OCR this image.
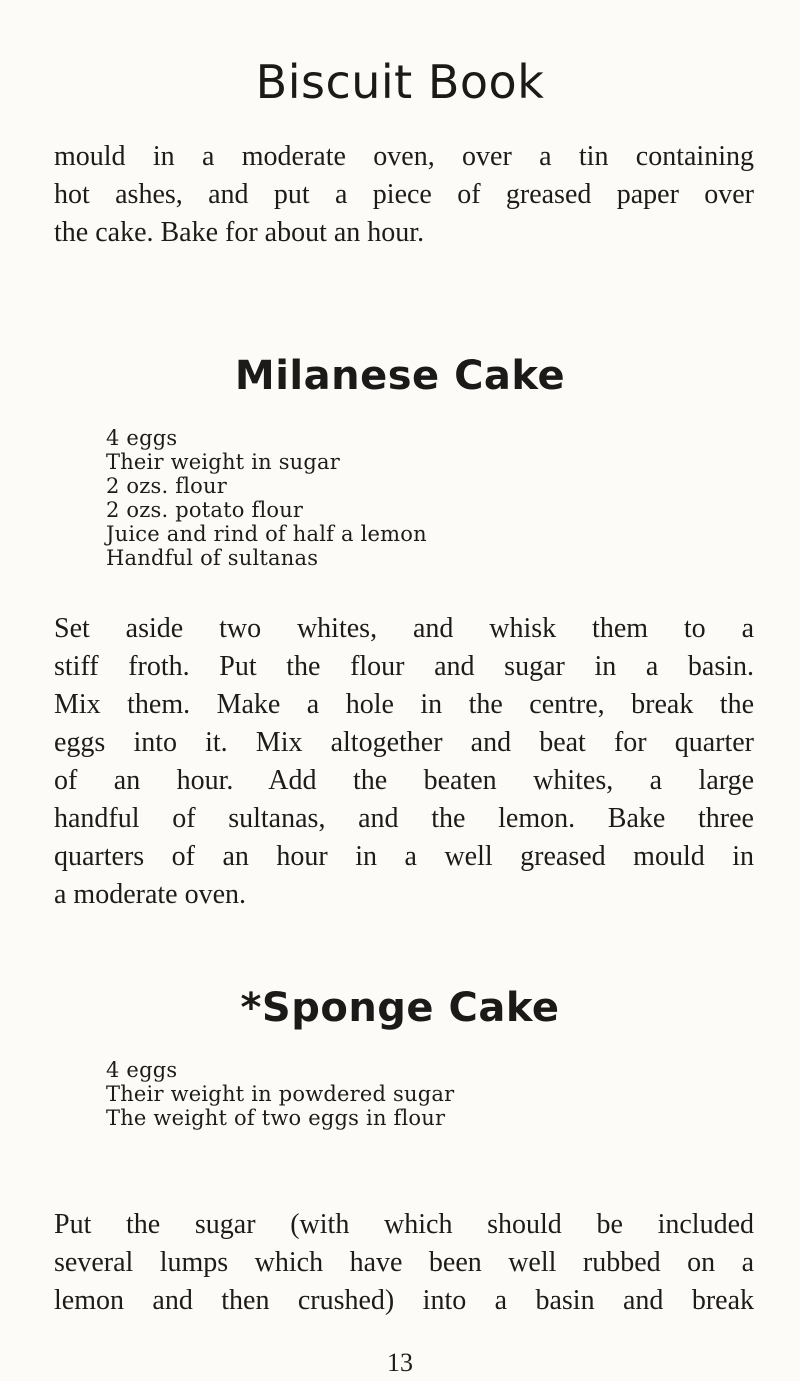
Biscuit Book
mould in a moderate oven, over a tin containing
hot ashes, and put a piece of greased paper over
the cake. Bake for about an hour.
Milanese Cake
4 eggs
Their weight in sugar
2 ozs. flour
2 ozs. potato flour
Juice and rind of half a lemon
Handful of sultanas
Set aside two whites, and whisk them to a
stiff froth. Put the flour and sugar in a basin.
Mix them. Make a hole in the centre, break the
eggs into it. Mix altogether and beat for quarter
of an hour. Add the beaten whites, a large
handful of sultanas, and the lemon. Bake three
quarters of an hour in a well greased mould in
a moderate oven.
*Sponge Cake
4 eggs
Their weight in powdered sugar
The weight of two eggs in flour
Put the sugar (with which should be included
several lumps which have been well rubbed on a
lemon and then crushed) into a basin and break
13
